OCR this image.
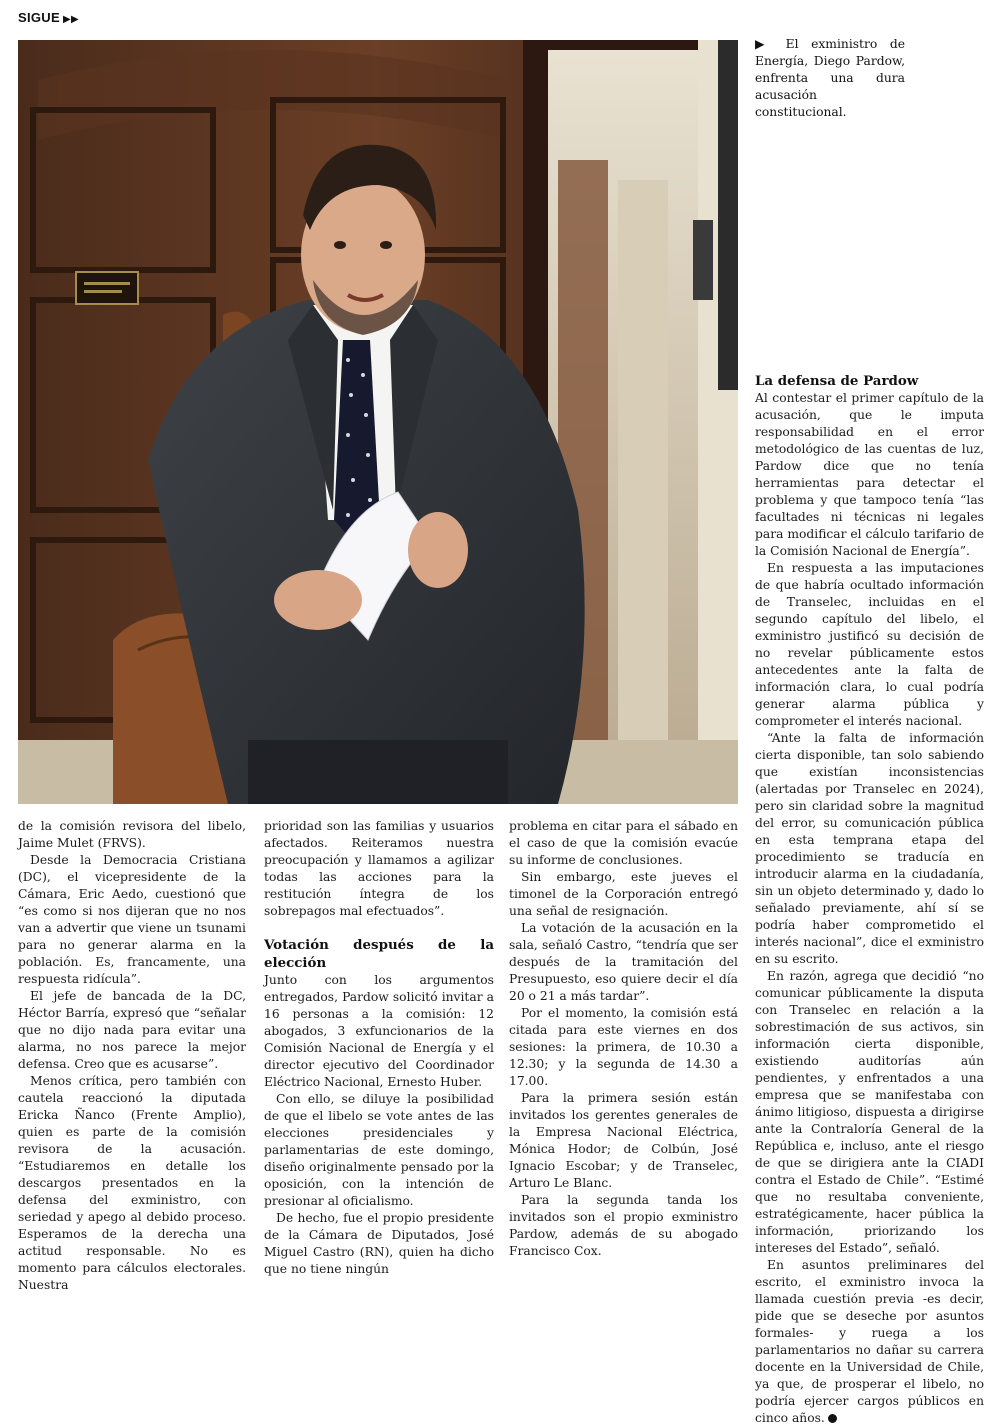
SIGUE ▶▶
▶ El exministro de Energía, Diego Pardow, enfrenta una dura acusación constitucional.

de la comisión revisora del libelo, Jaime Mulet (FRVS).

Desde la Democracia Cristiana (DC), el vicepresidente de la Cámara, Eric Aedo, cuestionó que “es como si nos dijeran que no nos van a advertir que viene un tsunami para no generar alarma en la población. Es, francamente, una respuesta ridícula”.

El jefe de bancada de la DC, Héctor Barría, expresó que “señalar que no dijo nada para evitar una alarma, no nos parece la mejor defensa. Creo que es acusarse”.

Menos crítica, pero también con cautela reaccionó la diputada Ericka Ñanco (Frente Amplio), quien es parte de la comisión revisora de la acusación. “Estudiaremos en detalle los descargos presentados en la defensa del exministro, con seriedad y apego al debido proceso. Esperamos de la derecha una actitud responsable. No es momento para cálculos electorales. Nuestra

prioridad son las familias y usuarios afectados. Reiteramos nuestra preocupación y llamamos a agilizar todas las acciones para la restitución íntegra de los sobrepagos mal efectuados”.

Votación después de la elección

Junto con los argumentos entregados, Pardow solicitó invitar a 16 personas a la comisión: 12 abogados, 3 exfuncionarios de la Comisión Nacional de Energía y el director ejecutivo del Coordinador Eléctrico Nacional, Ernesto Huber.

Con ello, se diluye la posibilidad de que el libelo se vote antes de las elecciones presidenciales y parlamentarias de este domingo, diseño originalmente pensado por la oposición, con la intención de presionar al oficialismo.

De hecho, fue el propio presidente de la Cámara de Diputados, José Miguel Castro (RN), quien ha dicho que no tiene ningún

problema en citar para el sábado en el caso de que la comisión evacúe su informe de conclusiones.

Sin embargo, este jueves el timonel de la Corporación entregó una señal de resignación.

La votación de la acusación en la sala, señaló Castro, “tendría que ser después de la tramitación del Presupuesto, eso quiere decir el día 20 o 21 a más tardar”.

Por el momento, la comisión está citada para este viernes en dos sesiones: la primera, de 10.30 a 12.30; y la segunda de 14.30 a 17.00.

Para la primera sesión están invitados los gerentes generales de la Empresa Nacional Eléctrica, Mónica Hodor; de Colbún, José Ignacio Escobar; y de Transelec, Arturo Le Blanc.

Para la segunda tanda los invitados son el propio exministro Pardow, además de su abogado Francisco Cox.

La defensa de Pardow

Al contestar el primer capítulo de la acusación, que le imputa responsabilidad en el error metodológico de las cuentas de luz, Pardow dice que no tenía herramientas para detectar el problema y que tampoco tenía “las facultades ni técnicas ni legales para modificar el cálculo tarifario de la Comisión Nacional de Energía”.

En respuesta a las imputaciones de que habría ocultado información de Transelec, incluidas en el segundo capítulo del libelo, el exministro justificó su decisión de no revelar públicamente estos antecedentes ante la falta de información clara, lo cual podría generar alarma pública y comprometer el interés nacional.

“Ante la falta de información cierta disponible, tan solo sabiendo que existían inconsistencias (alertadas por Transelec en 2024), pero sin claridad sobre la magnitud del error, su comunicación pública en esta temprana etapa del procedimiento se traducía en introducir alarma en la ciudadanía, sin un objeto determinado y, dado lo señalado previamente, ahí sí se podría haber comprometido el interés nacional”, dice el exministro en su escrito.

En razón, agrega que decidió “no comunicar públicamente la disputa con Transelec en relación a la sobrestimación de sus activos, sin información cierta disponible, existiendo auditorías aún pendientes, y enfrentados a una empresa que se manifestaba con ánimo litigioso, dispuesta a dirigirse ante la Contraloría General de la República e, incluso, ante el riesgo de que se dirigiera ante la CIADI contra el Estado de Chile”. “Estimé que no resultaba conveniente, estratégicamente, hacer pública la información, priorizando los intereses del Estado”, señaló.

En asuntos preliminares del escrito, el exministro invoca la llamada cuestión previa -es decir, pide que se deseche por asuntos formales- y ruega a los parlamentarios no dañar su carrera docente en la Universidad de Chile, ya que, de prosperar el libelo, no podría ejercer cargos públicos en cinco años.
